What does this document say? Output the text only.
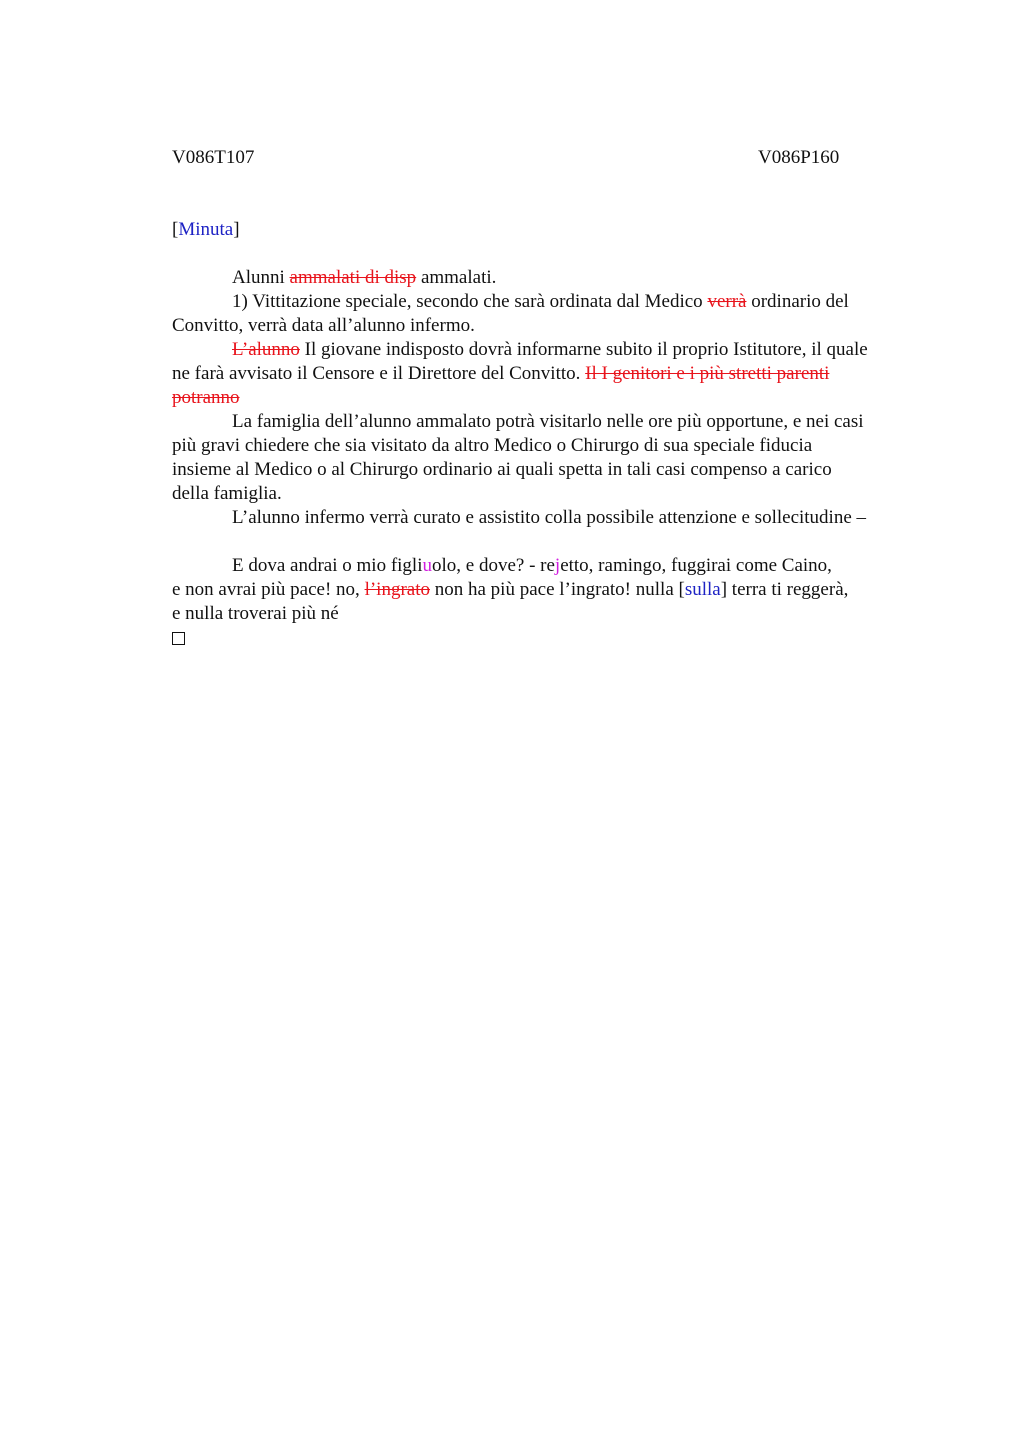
V086T107	V086P160
[Minuta]

Alunni ammalati di disp ammalati.

1) Vittitazione speciale, secondo che sarà ordinata dal Medico verrà ordinario del

Convitto, verrà data all’alunno infermo.

L’alunno Il giovane indisposto dovrà informarne subito il proprio Istitutore, il quale

ne farà avvisato il Censore e il Direttore del Convitto. Il I genitori e i più stretti parenti

potranno

La famiglia dell’alunno ammalato potrà visitarlo nelle ore più opportune, e nei casi

più gravi chiedere che sia visitato da altro Medico o Chirurgo di sua speciale fiducia

insieme al Medico o al Chirurgo ordinario ai quali spetta in tali casi compenso a carico

della famiglia.

L’alunno infermo verrà curato e assistito colla possibile attenzione e sollecitudine –

E dova andrai o mio figliuolo, e dove? - rejetto, ramingo, fuggirai come Caino,

e non avrai più pace! no, l’ingrato non ha più pace l’ingrato! nulla [sulla] terra ti reggerà,

e nulla troverai più né
